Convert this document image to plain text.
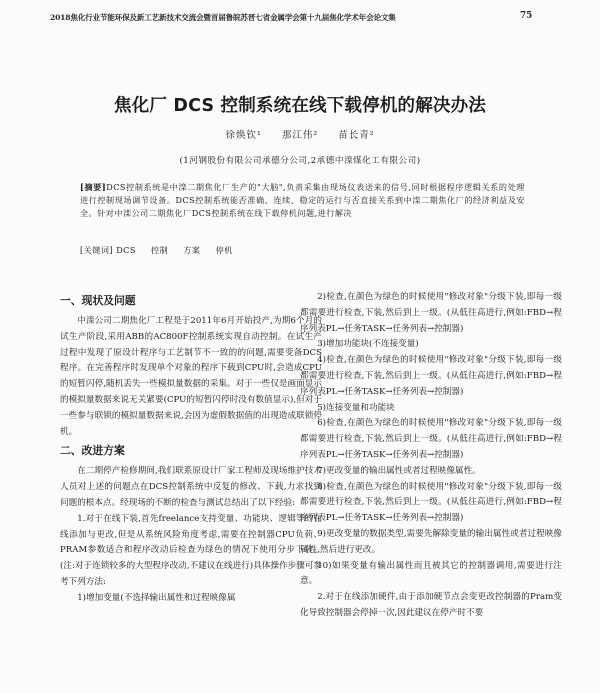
2018焦化行业节能环保及新工艺新技术交流会暨首届鲁皖苏晋七省金属学会第十九届焦化学术年会论文集	75
焦化厂 DCS 控制系统在线下载停机的解决办法
徐焕钦¹ 那江伟² 苗长青²
(1河钢股份有限公司承德分公司,2承德中滦煤化工有限公司)
[摘要]DCS控制系统是中滦二期焦化厂生产的"大脑",负责采集由现场仪表送来的信号,同时根据程序逻辑关系的处理进行控制现场调节设备。DCS控制系统能否准确、连续、稳定的运行与否直接关系到中滦二期焦化厂的经济利益及安全。针对中滦公司二期焦化厂DCS控制系统在线下载停机问题,进行解决
[关键词] DCS 控制 方案 停机
一、现状及问题

中滦公司二期焦化厂工程是于2011年6月开始投产,为期6个月的试生产阶段,采用ABB的AC800F控制系统实现自动控制。在试生产过程中发现了原设计程序与工艺制节不一致的的问题,需要变备DCS程序。在完善程序时发现单个对象的程序下载到CPU时,会造成CPU的短暂闪停,随机丢失一些模拟量数据的采集。对于一些仅是画面显示的模拟量数据来说无关紧要(CPU的短暂闪停时没有数值显示),但对于一些参与联锁的模拟量数据来说,会因为虚假数据值的出现造成联锁停机。

二、改进方案

在二期停产检修期间,我们联系原设计厂家工程师及现场维护技术人员对上述的问题点在DCS控制系统中反复的修改、下载,力求找到问题的根本点。经现场的不断的检查与测试总结出了以下经验:

1.对于在线下装,首先freelance支持变量、功能块、逻辑等的在线添加与更改,但是从系统风险角度考虑,需要在控制器CPU负荷、PRAM参数适合和程序改动后检查为绿色的情况下使用分步下装。(注:对于连锁较多的大型程序改动,不建议在线进行)具体操作步骤可参考下列方法:

1)增加变量(不选择输出属性和过程映像属

2)检查,在颜色为绿色的时候使用"修改对象"分级下装,即每一级都需要进行检查,下装,然后到上一级。(从低往高进行,例如:FBD→程序列表PL→任务TASK→任务列表→控制器)

3)增加功能块(不连接变量)

4)检查,在颜色为绿色的时候使用"修改对象"分级下装,即每一级都需要进行检查,下装,然后到上一级。(从低往高进行,例如:FBD→程序列表PL→任务TASK→任务列表→控制器)

5)连接变量和功能块

6)检查,在颜色为绿色的时候使用"修改对象"分级下装,即每一级都需要进行检查,下装,然后到上一级。(从低往高进行,例如:FBD→程序列表PL→任务TASK→任务列表→控制器)

7)更改变量的输出属性或者过程映像属性。

8)检查,在颜色为绿色的时候使用"修改对象"分级下装,即每一级都需要进行检查,下装,然后到上一级。(从低往高进行,例如:FBD→程序列表PL→任务TASK→任务列表→控制器)

9)更改变量的数据类型,需要先解除变量的输出属性或者过程映像属性,然后进行更改。

10)如果变量有输出属性而且被其它的控制器调用,需要进行注意。

2.对于在线添加硬件,由于添加硬节点会变更改控制器的Pram变化导致控制器会停掉一次,因此建议在停产时不要
